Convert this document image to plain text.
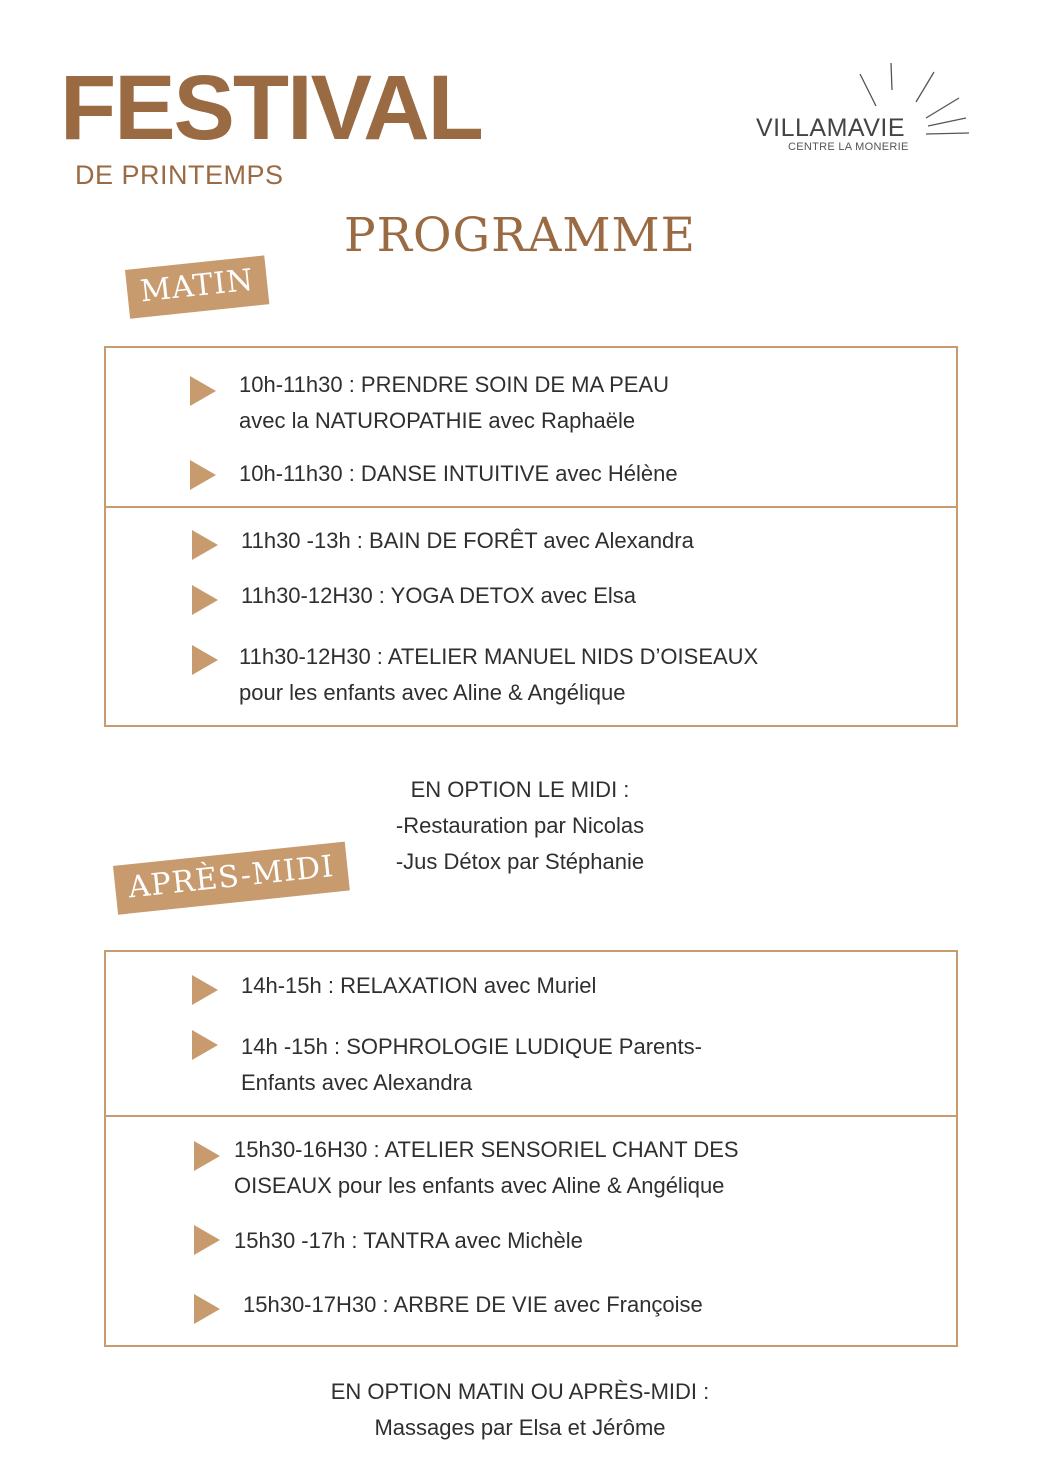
FESTIVAL
DE PRINTEMPS
VILLAMAVIE
CENTRE LA MONERIE
PROGRAMME
MATIN
10h-11h30 : PRENDRE SOIN DE MA PEAU
avec la NATUROPATHIE avec Raphaële
10h-11h30 : DANSE INTUITIVE avec Hélène
11h30 -13h : BAIN DE FORÊT avec Alexandra
11h30-12H30 : YOGA DETOX avec Elsa
11h30-12H30 : ATELIER MANUEL NIDS D’OISEAUX
pour les enfants avec Aline & Angélique
EN OPTION LE MIDI :
-Restauration par Nicolas
-Jus Détox par Stéphanie
APRÈS-MIDI
14h-15h : RELAXATION avec Muriel
14h -15h : SOPHROLOGIE LUDIQUE Parents-
Enfants avec Alexandra
15h30-16H30 : ATELIER SENSORIEL CHANT DES
OISEAUX pour les enfants avec Aline & Angélique
15h30 -17h : TANTRA avec Michèle
15h30-17H30 : ARBRE DE VIE avec Françoise
EN OPTION MATIN OU APRÈS-MIDI :
Massages par Elsa et Jérôme
